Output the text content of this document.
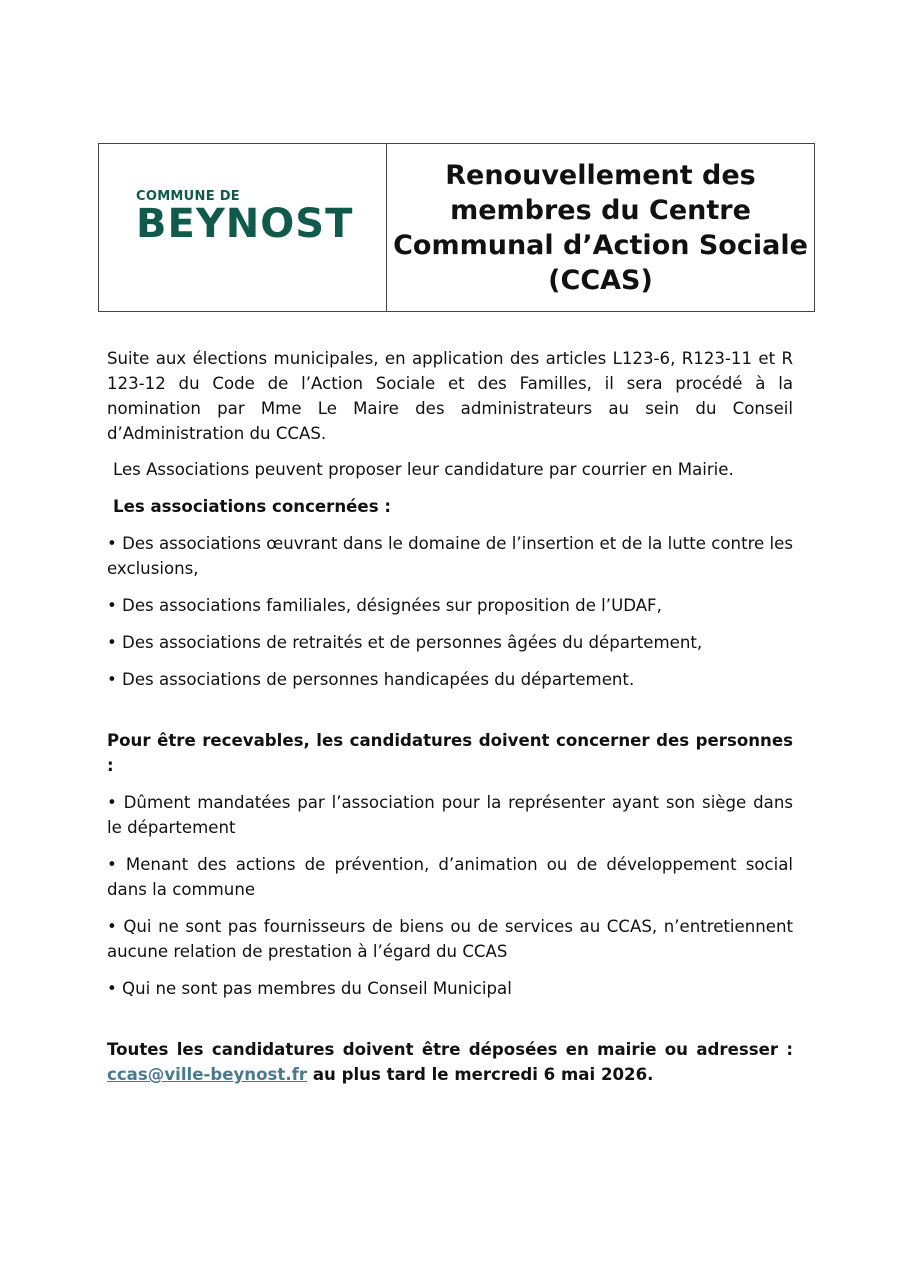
COMMUNE DE
BEYNOST
Renouvellement des membres du Centre Communal d’Action Sociale (CCAS)

Suite aux élections municipales, en application des articles L123-6, R123-11 et R 123-12 du Code de l’Action Sociale et des Familles, il sera procédé à la nomination par Mme Le Maire des administrateurs au sein du Conseil d’Administration du CCAS.

Les Associations peuvent proposer leur candidature par courrier en Mairie.

Les associations concernées :

• Des associations œuvrant dans le domaine de l’insertion et de la lutte contre les exclusions,

• Des associations familiales, désignées sur proposition de l’UDAF,

• Des associations de retraités et de personnes âgées du département,

• Des associations de personnes handicapées du département.

Pour être recevables, les candidatures doivent concerner des personnes :

• Dûment mandatées par l’association pour la représenter ayant son siège dans le département

• Menant des actions de prévention, d’animation ou de développement social dans la commune

• Qui ne sont pas fournisseurs de biens ou de services au CCAS, n’entretiennent aucune relation de prestation à l’égard du CCAS

• Qui ne sont pas membres du Conseil Municipal

Toutes les candidatures doivent être déposées en mairie ou adresser : ccas@ville-beynost.fr au plus tard le mercredi 6 mai 2026.
